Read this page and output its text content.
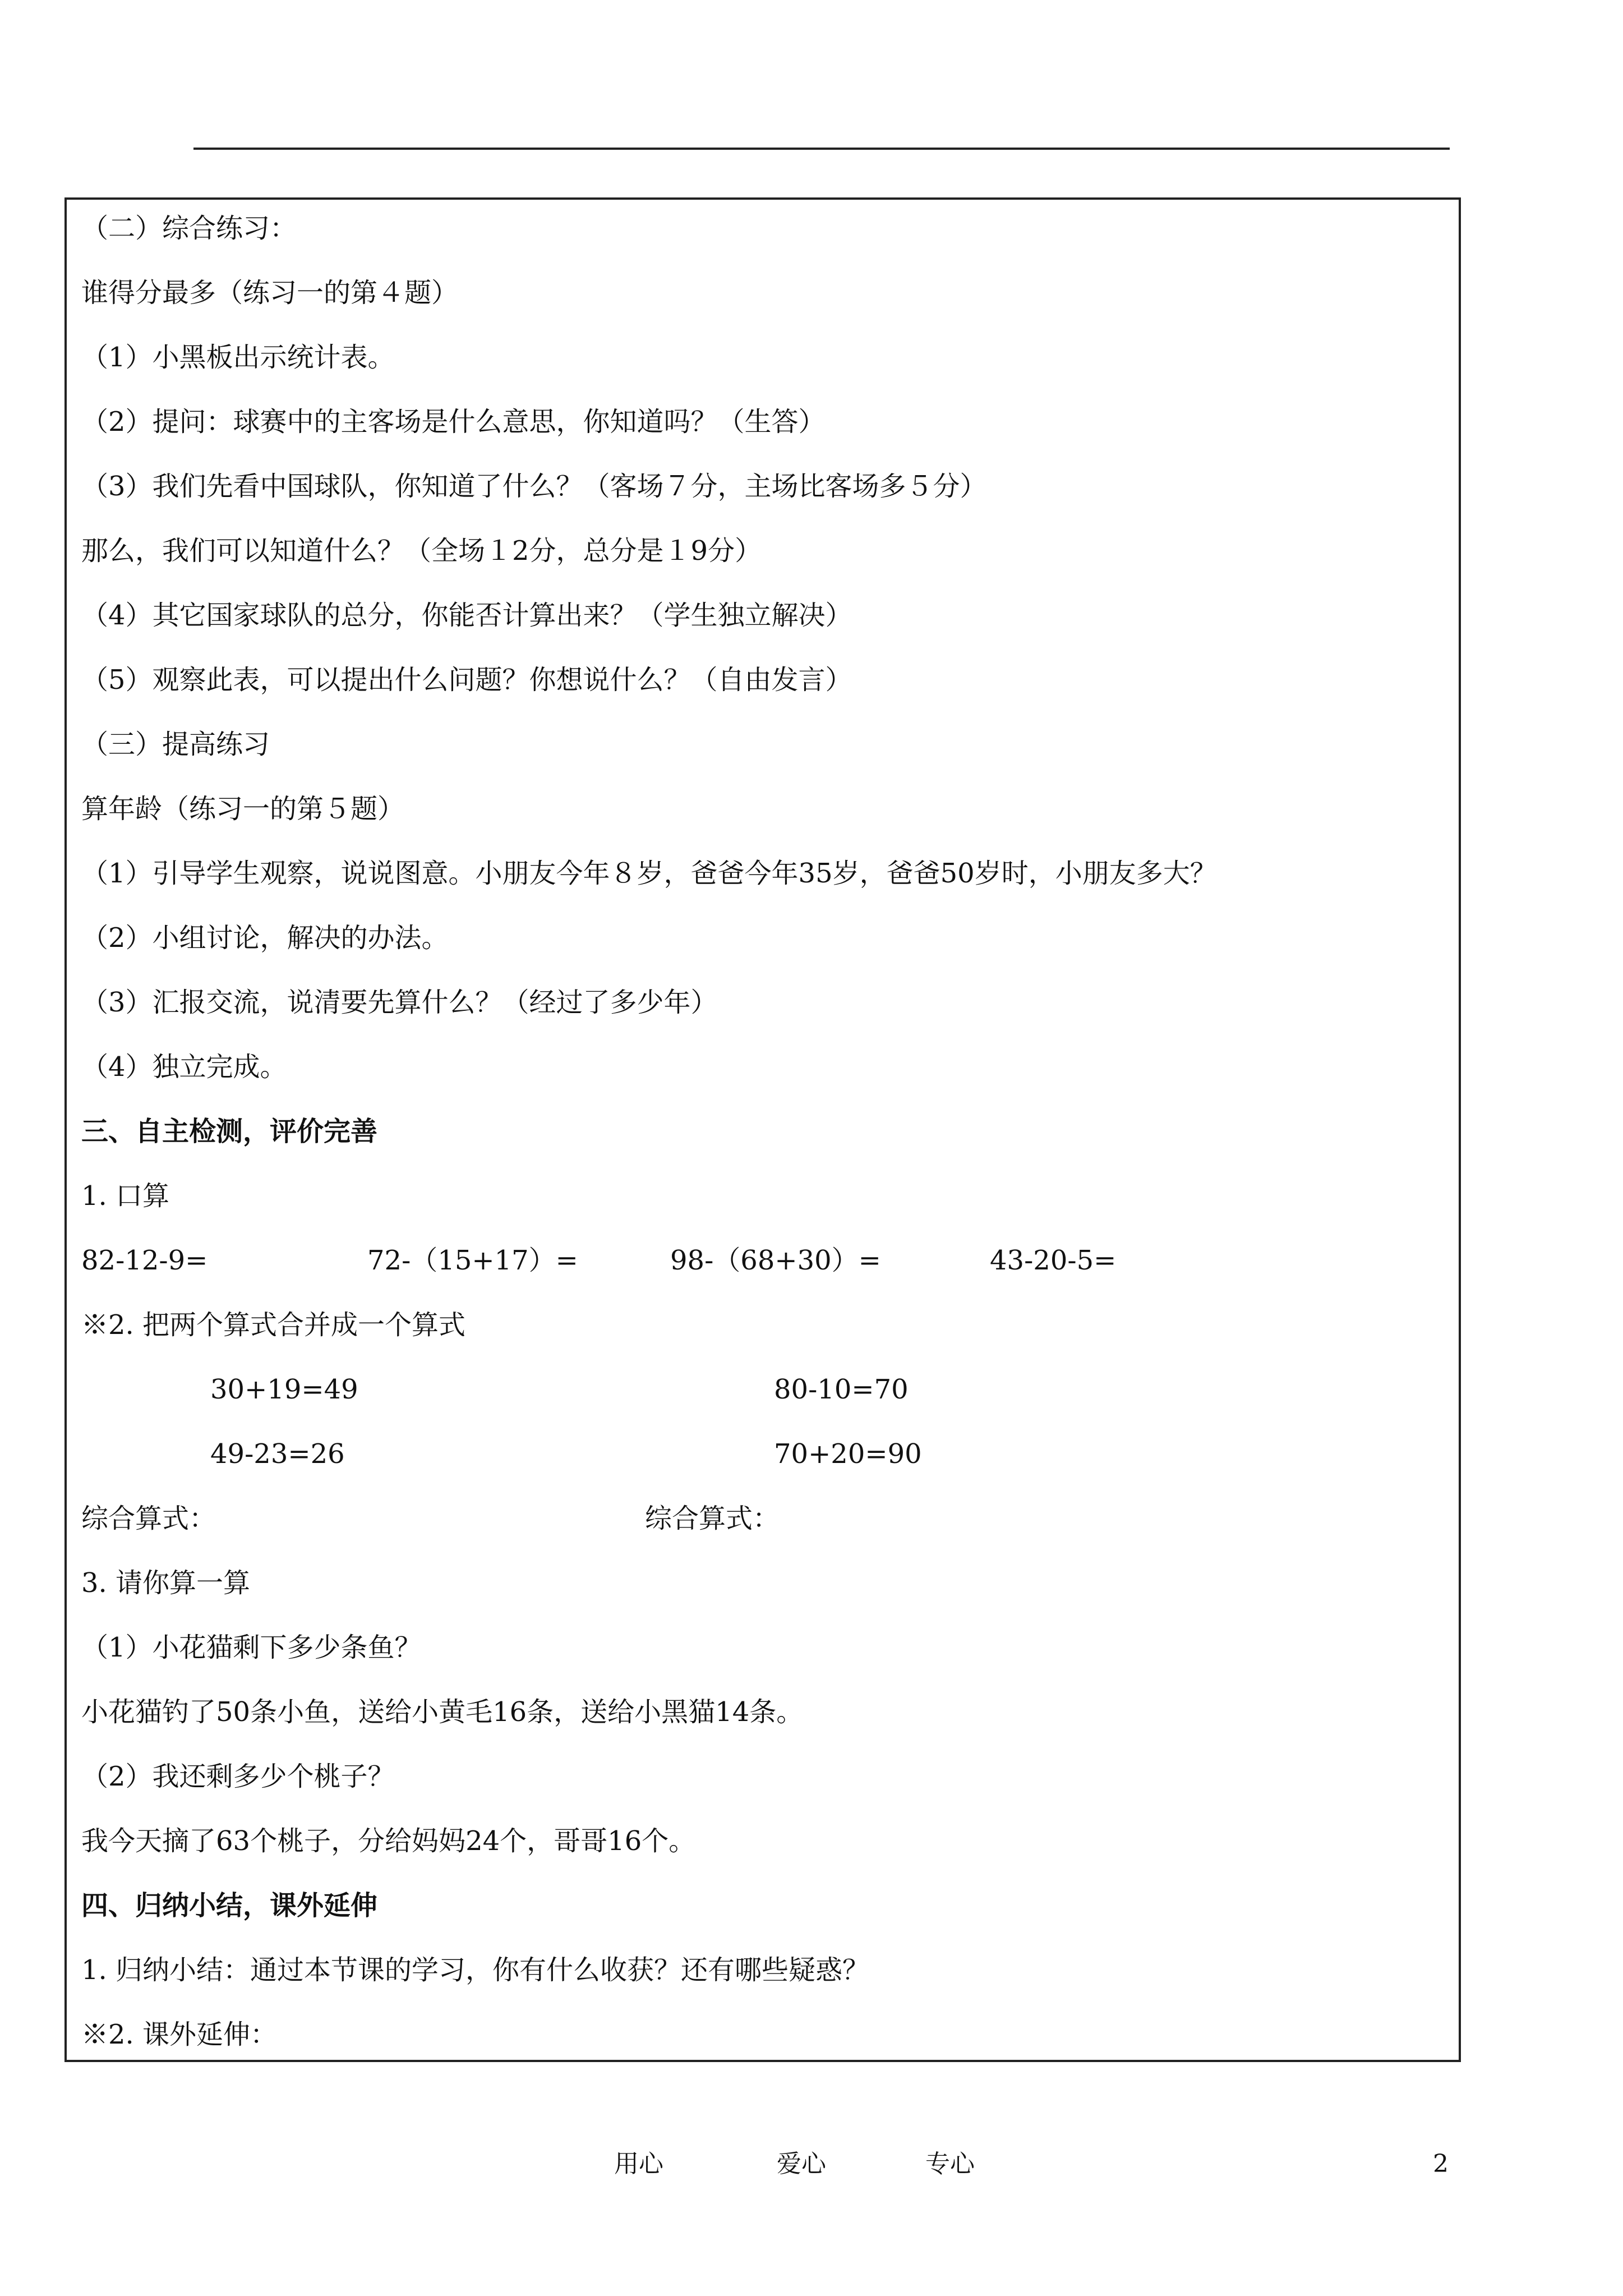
（二）综合练习：
谁得分最多（练习一的第４题）
（1）小黑板出示统计表。
（2）提问：球赛中的主客场是什么意思，你知道吗？（生答）
（3）我们先看中国球队，你知道了什么？（客场７分，主场比客场多５分）
那么，我们可以知道什么？（全场１2分，总分是１9分）
（4）其它国家球队的总分，你能否计算出来？（学生独立解决）
（5）观察此表，可以提出什么问题？你想说什么？（自由发言）
（三）提高练习
算年龄（练习一的第５题）
（1）引导学生观察，说说图意。小朋友今年８岁，爸爸今年35岁，爸爸50岁时，小朋友多大？
（2）小组讨论，解决的办法。
（3）汇报交流，说清要先算什么？（经过了多少年）
（4）独立完成。
三、自主检测，评价完善
1. 口算
82-12-9=	72-（15+17）=	98-（68+30）=	43-20-5=
※2. 把两个算式合并成一个算式
30+19=49	80-10=70
49-23=26	70+20=90
综合算式：	综合算式：
3. 请你算一算
（1）小花猫剩下多少条鱼？
小花猫钓了50条小鱼，送给小黄毛16条，送给小黑猫14条。
（2）我还剩多少个桃子？
我今天摘了63个桃子，分给妈妈24个，哥哥16个。
四、归纳小结，课外延伸
1. 归纳小结：通过本节课的学习，你有什么收获？还有哪些疑惑？
※2. 课外延伸：
用心	爱心	专心	2
